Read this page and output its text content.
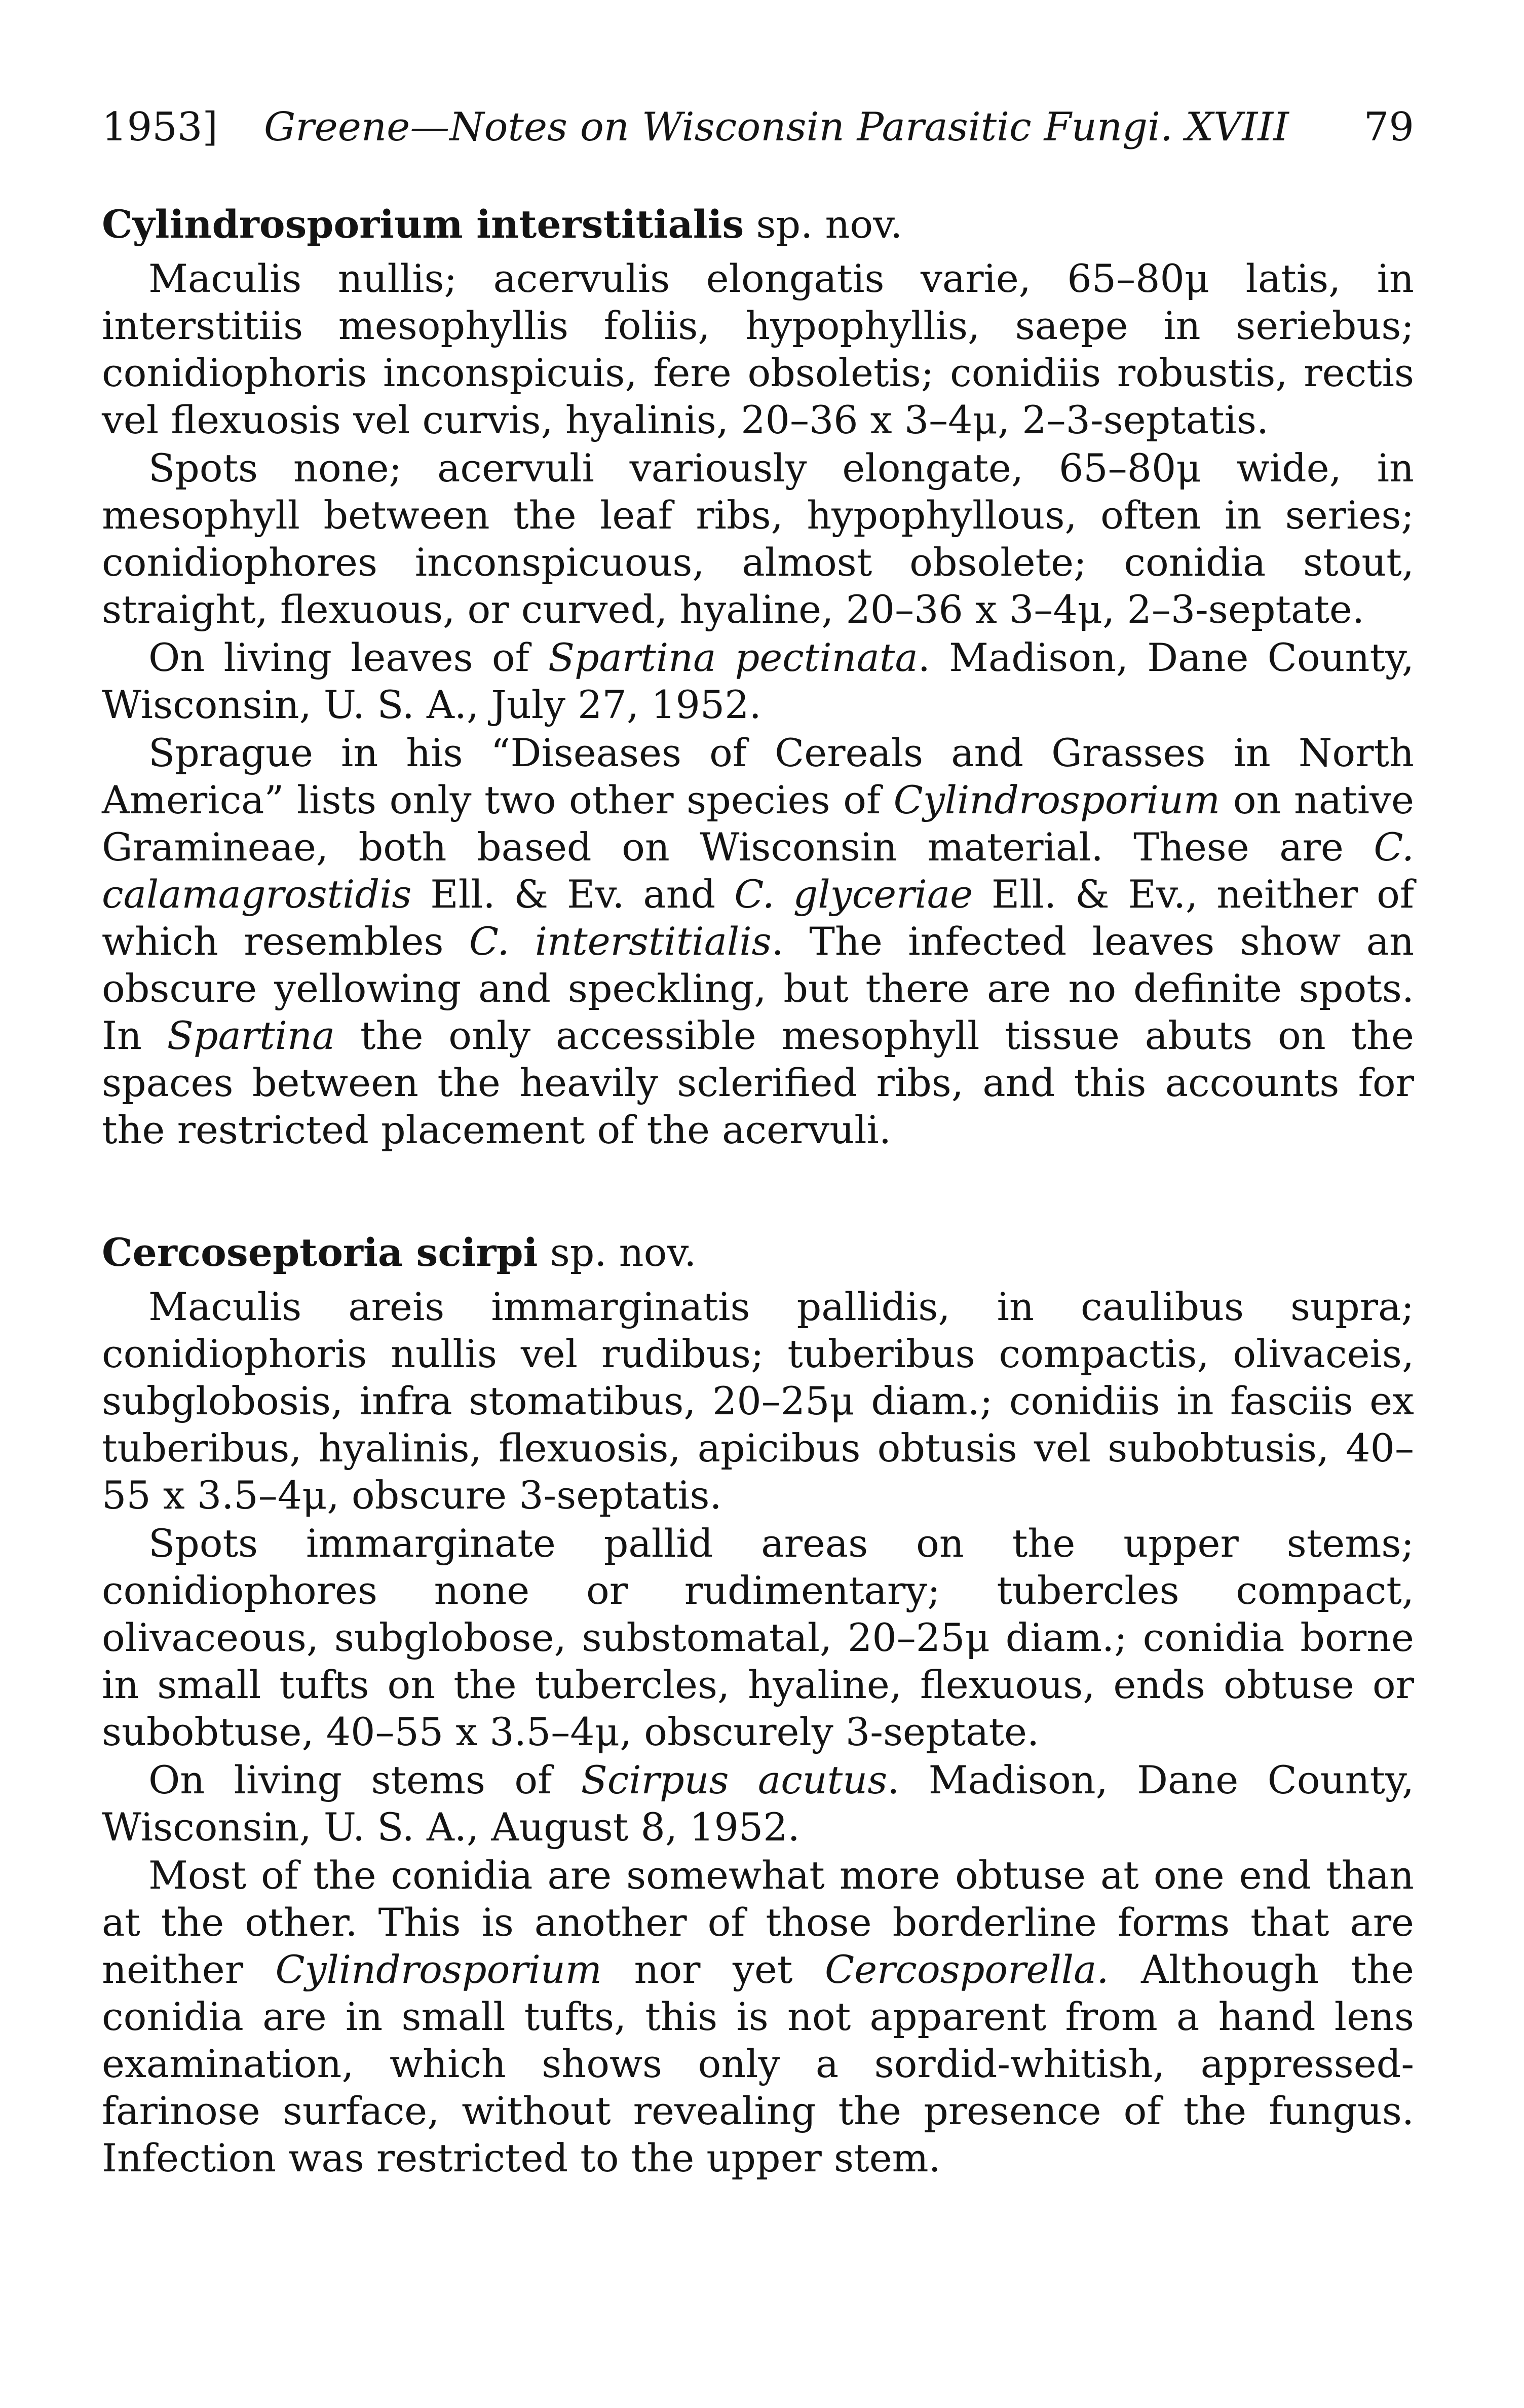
1953] Greene—Notes on Wisconsin Parasitic Fungi. XVIII 79
Cylindrosporium interstitialis sp. nov.

Maculis nullis; acervulis elongatis varie, 65–80μ latis, in interstitiis mesophyllis foliis, hypophyllis, saepe in seriebus; conidiophoris inconspicuis, fere obsoletis; conidiis robustis, rectis vel flexuosis vel curvis, hyalinis, 20–36 x 3–4μ, 2–3-septatis.

Spots none; acervuli variously elongate, 65–80μ wide, in mesophyll between the leaf ribs, hypophyllous, often in series; conidiophores inconspicuous, almost obsolete; conidia stout, straight, flexuous, or curved, hyaline, 20–36 x 3–4μ, 2–3-septate.

On living leaves of Spartina pectinata. Madison, Dane County, Wisconsin, U. S. A., July 27, 1952.

Sprague in his “Diseases of Cereals and Grasses in North America” lists only two other species of Cylindrosporium on native Gramineae, both based on Wisconsin material. These are C. calamagrostidis Ell. & Ev. and C. glyceriae Ell. & Ev., neither of which resembles C. interstitialis. The infected leaves show an obscure yellowing and speckling, but there are no definite spots. In Spartina the only accessible mesophyll tissue abuts on the spaces between the heavily sclerified ribs, and this accounts for the restricted placement of the acervuli.

Cercoseptoria scirpi sp. nov.

Maculis areis immarginatis pallidis, in caulibus supra; conidiophoris nullis vel rudibus; tuberibus compactis, olivaceis, subglobosis, infra stomatibus, 20–25μ diam.; conidiis in fasciis ex tuberibus, hyalinis, flexuosis, apicibus obtusis vel subobtusis, 40–55 x 3.5–4μ, obscure 3-septatis.

Spots immarginate pallid areas on the upper stems; conidiophores none or rudimentary; tubercles compact, olivaceous, subglobose, substomatal, 20–25μ diam.; conidia borne in small tufts on the tubercles, hyaline, flexuous, ends obtuse or subobtuse, 40–55 x 3.5–4μ, obscurely 3-septate.

On living stems of Scirpus acutus. Madison, Dane County, Wisconsin, U. S. A., August 8, 1952.

Most of the conidia are somewhat more obtuse at one end than at the other. This is another of those borderline forms that are neither Cylindrosporium nor yet Cercosporella. Although the conidia are in small tufts, this is not apparent from a hand lens examination, which shows only a sordid-whitish, appressed-farinose surface, without revealing the presence of the fungus. Infection was restricted to the upper stem.
